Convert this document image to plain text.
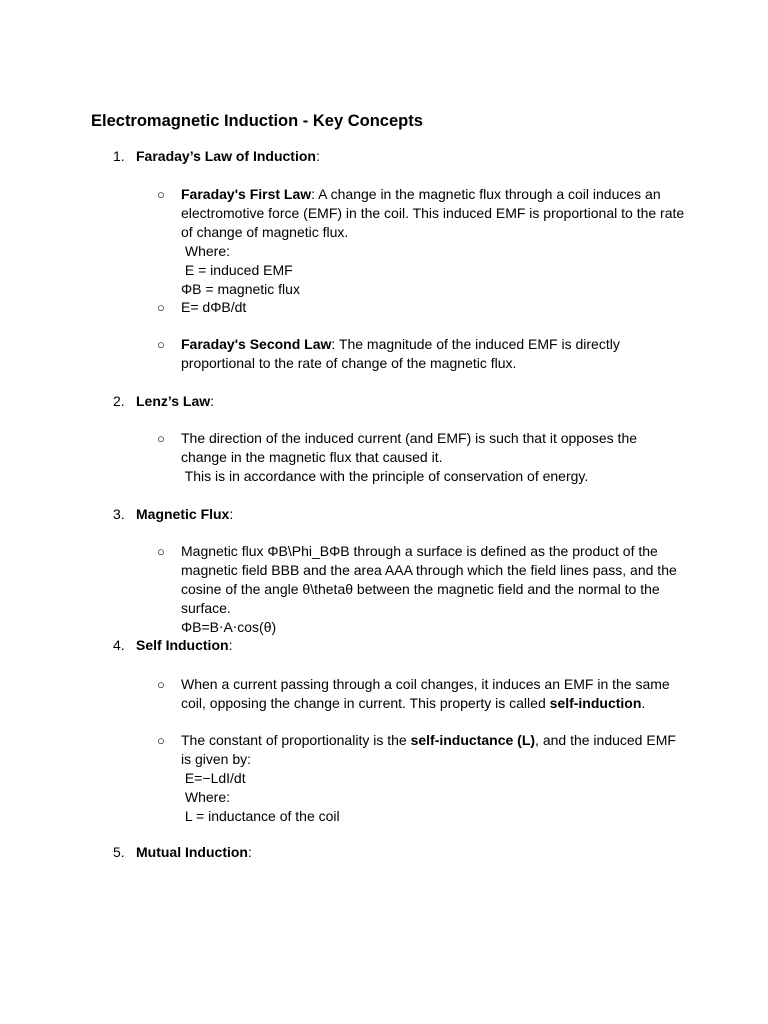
Electromagnetic Induction - Key Concepts
1. Faraday’s Law of Induction:
○	Faraday's First Law: A change in the magnetic flux through a coil induces an
electromotive force (EMF) in the coil. This induced EMF is proportional to the rate
of change of magnetic flux.
Where:
E = induced EMF
ΦB = magnetic flux
○	E= dΦB/dt
○	Faraday's Second Law: The magnitude of the induced EMF is directly
proportional to the rate of change of the magnetic flux.
2. Lenz’s Law:
○	The direction of the induced current (and EMF) is such that it opposes the
change in the magnetic flux that caused it.
This is in accordance with the principle of conservation of energy.
3. Magnetic Flux:
○	Magnetic flux ΦB\Phi_BΦB through a surface is defined as the product of the
magnetic field BBB and the area AAA through which the field lines pass, and the
cosine of the angle θ\thetaθ between the magnetic field and the normal to the
surface.
ΦB=B⋅A⋅cos(θ)
4. Self Induction:
○	When a current passing through a coil changes, it induces an EMF in the same
coil, opposing the change in current. This property is called self-induction.
○	The constant of proportionality is the self-inductance (L), and the induced EMF
is given by:
E=−LdI/dt
Where:
L = inductance of the coil
5. Mutual Induction:
